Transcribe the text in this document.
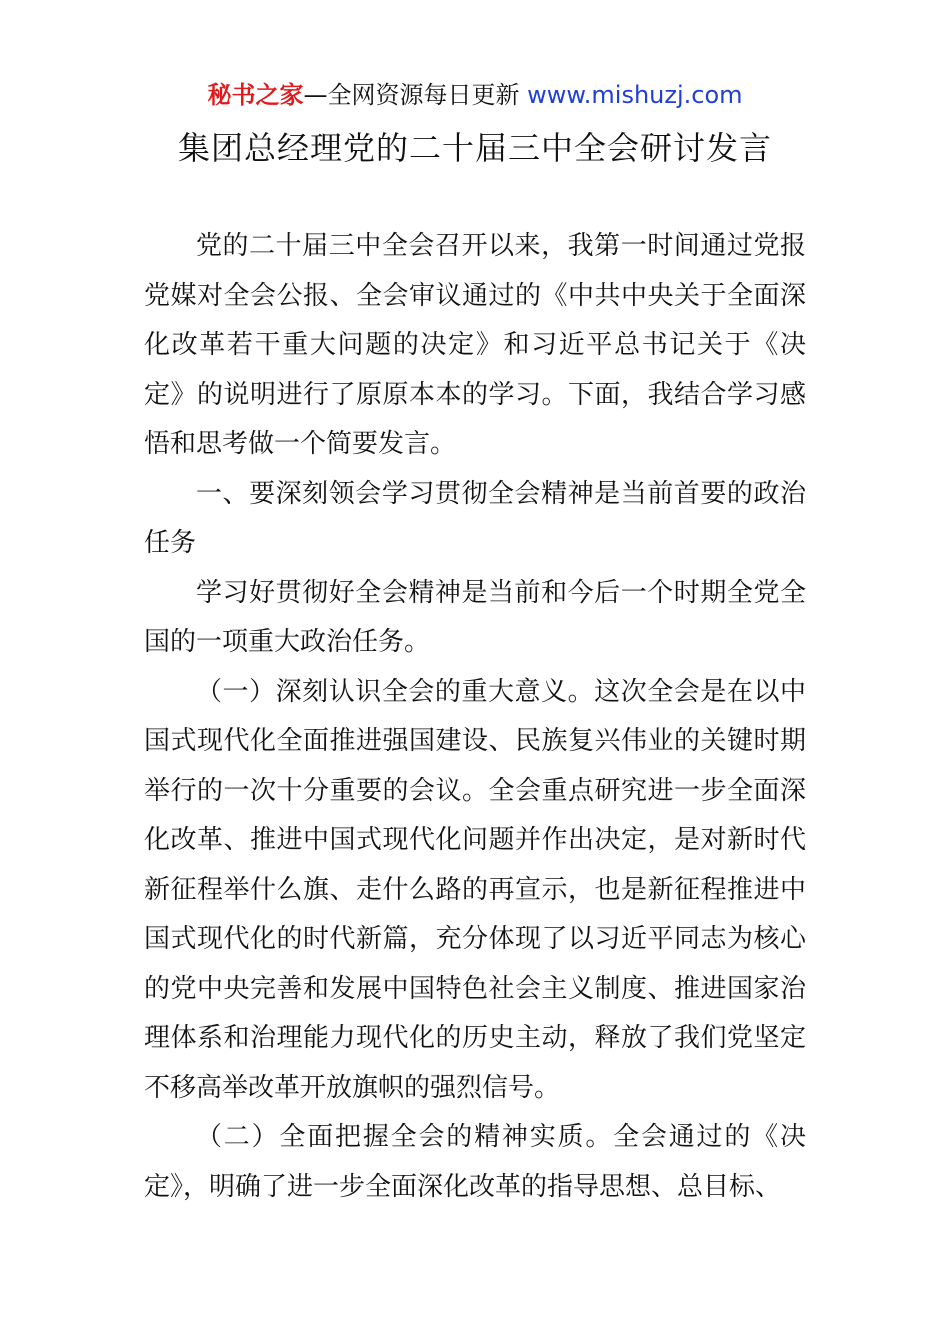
秘书之家—全网资源每日更新 www.mishuzj.com
集团总经理党的二十届三中全会研讨发言

党的二十届三中全会召开以来，我第一时间通过党报党媒对全会公报、全会审议通过的《中共中央关于全面深化改革若干重大问题的决定》和习近平总书记关于《决定》的说明进行了原原本本的学习。下面，我结合学习感悟和思考做一个简要发言。

一、要深刻领会学习贯彻全会精神是当前首要的政治任务

学习好贯彻好全会精神是当前和今后一个时期全党全国的一项重大政治任务。

（一）深刻认识全会的重大意义。这次全会是在以中国式现代化全面推进强国建设、民族复兴伟业的关键时期举行的一次十分重要的会议。全会重点研究进一步全面深化改革、推进中国式现代化问题并作出决定，是对新时代新征程举什么旗、走什么路的再宣示，也是新征程推进中国式现代化的时代新篇，充分体现了以习近平同志为核心的党中央完善和发展中国特色社会主义制度、推进国家治理体系和治理能力现代化的历史主动，释放了我们党坚定不移高举改革开放旗帜的强烈信号。

（二）全面把握全会的精神实质。全会通过的《决定》，明确了进一步全面深化改革的指导思想、总目标、
